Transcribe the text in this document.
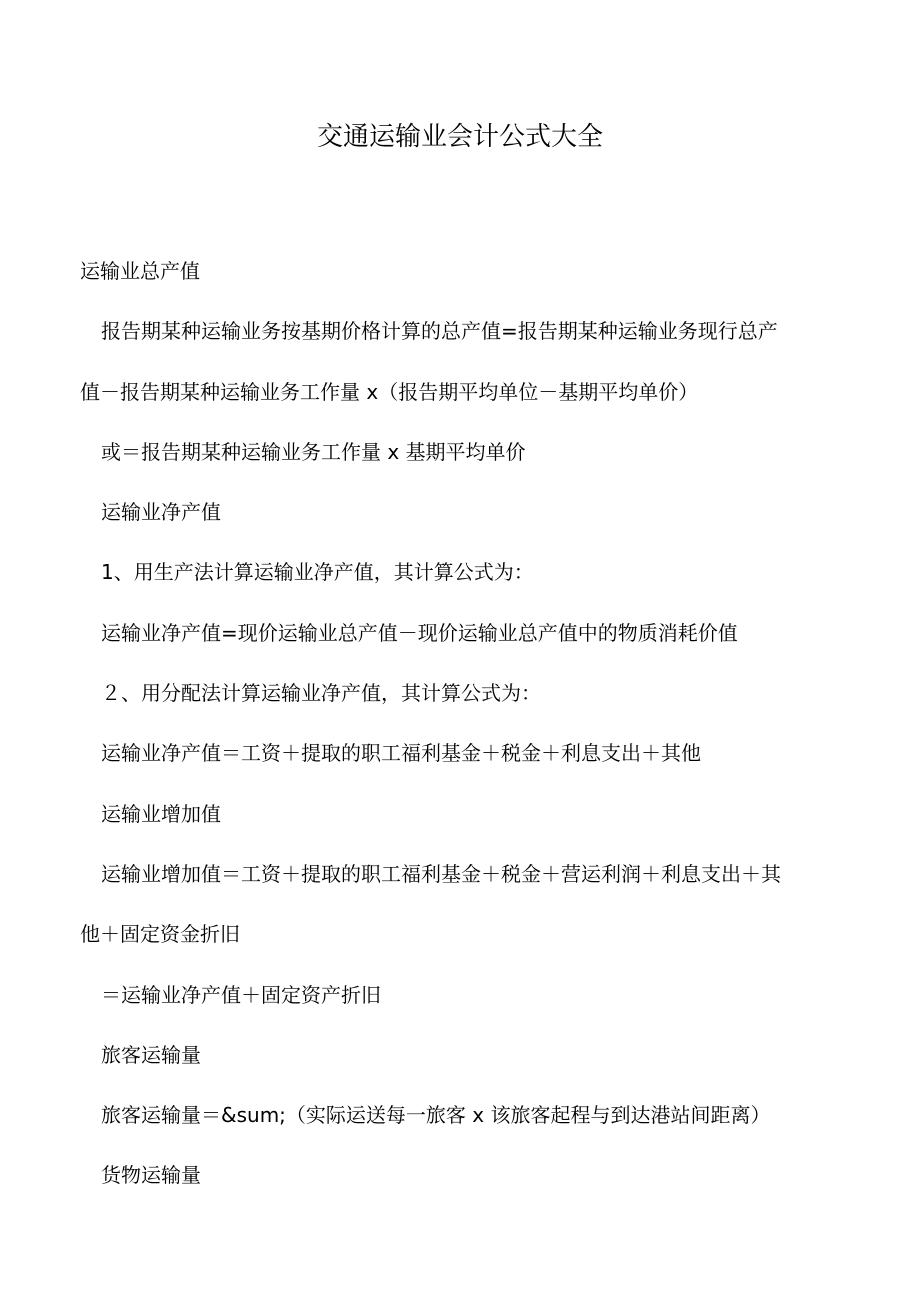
交通运输业会计公式大全
运输业总产值
报告期某种运输业务按基期价格计算的总产值=报告期某种运输业务现行总产
值－报告期某种运输业务工作量 x（报告期平均单位－基期平均单价）
或＝报告期某种运输业务工作量 x 基期平均单价
运输业净产值
1、用生产法计算运输业净产值，其计算公式为：
运输业净产值=现价运输业总产值－现价运输业总产值中的物质消耗价值
２、用分配法计算运输业净产值，其计算公式为：
运输业净产值＝工资＋提取的职工福利基金＋税金＋利息支出＋其他
运输业增加值
运输业增加值＝工资＋提取的职工福利基金＋税金＋营运利润＋利息支出＋其
他＋固定资金折旧
＝运输业净产值＋固定资产折旧
旅客运输量
旅客运输量＝&sum;（实际运送每一旅客 x 该旅客起程与到达港站间距离）
货物运输量
